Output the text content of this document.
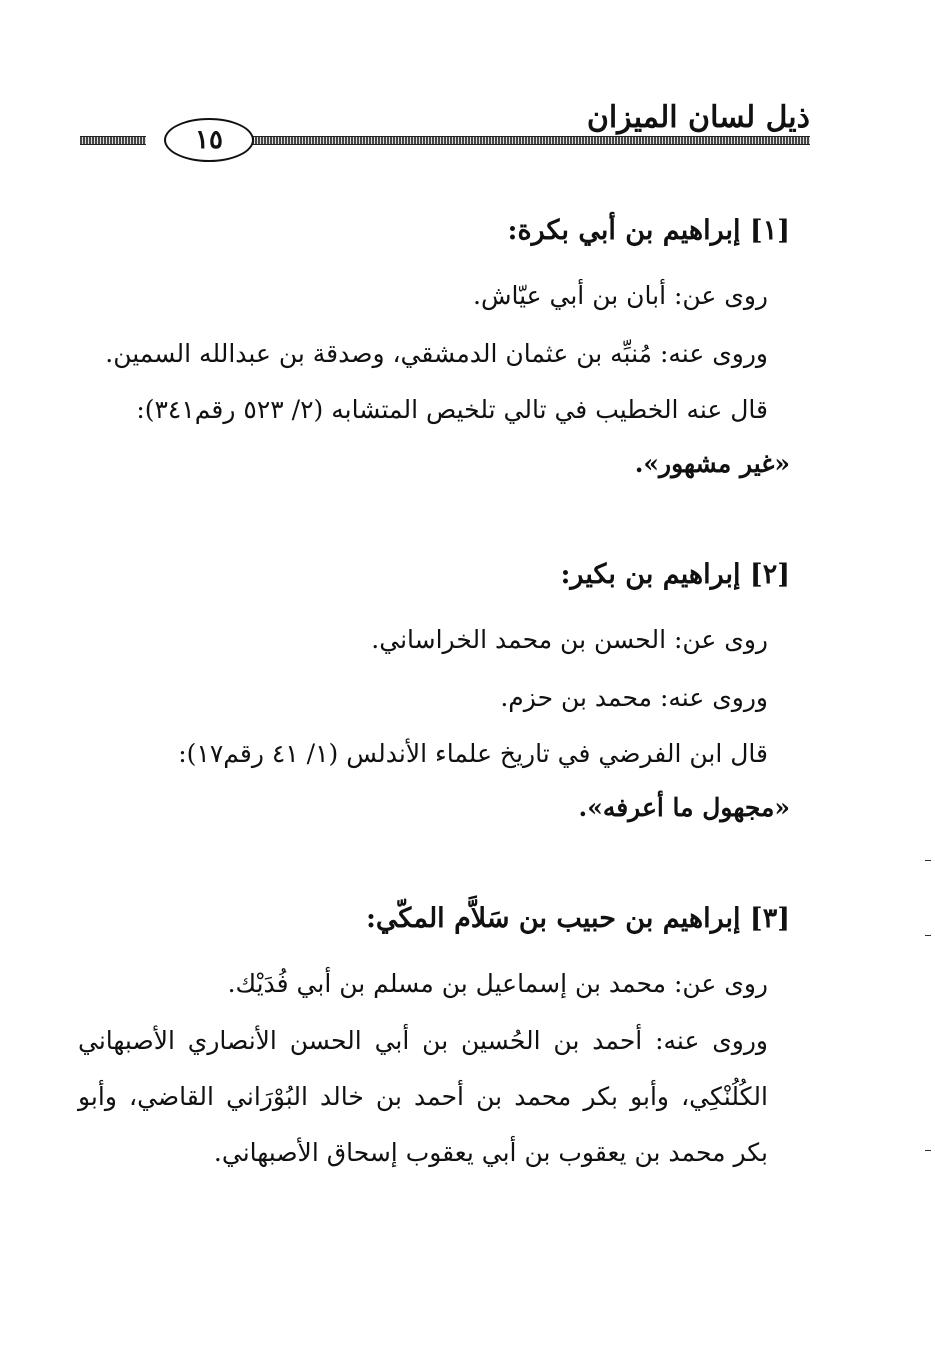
ذيل لسان الميزان
١٥
[١] إبراهيم بن أبي بكرة:

روى عن: أبان بن أبي عيّاش.

وروى عنه: مُنبِّه بن عثمان الدمشقي، وصدقة بن عبدالله السمين.

قال عنه الخطيب في تالي تلخيص المتشابه (٢/ ٥٢٣ رقم٣٤١):

«غير مشهور».

[٢] إبراهيم بن بكير:

روى عن: الحسن بن محمد الخراساني.

وروى عنه: محمد بن حزم.

قال ابن الفرضي في تاريخ علماء الأندلس (١/ ٤١ رقم١٧):

«مجهول ما أعرفه».

[٣] إبراهيم بن حبيب بن سَلاَّم المكّي:

روى عن: محمد بن إسماعيل بن مسلم بن أبي فُدَيْك.

وروى عنه: أحمد بن الحُسين بن أبي الحسن الأنصاري الأصبهاني الكُلُنْكِي، وأبو بكر محمد بن أحمد بن خالد البُوْرَاني القاضي، وأبو بكر محمد بن يعقوب بن أبي يعقوب إسحاق الأصبهاني.
